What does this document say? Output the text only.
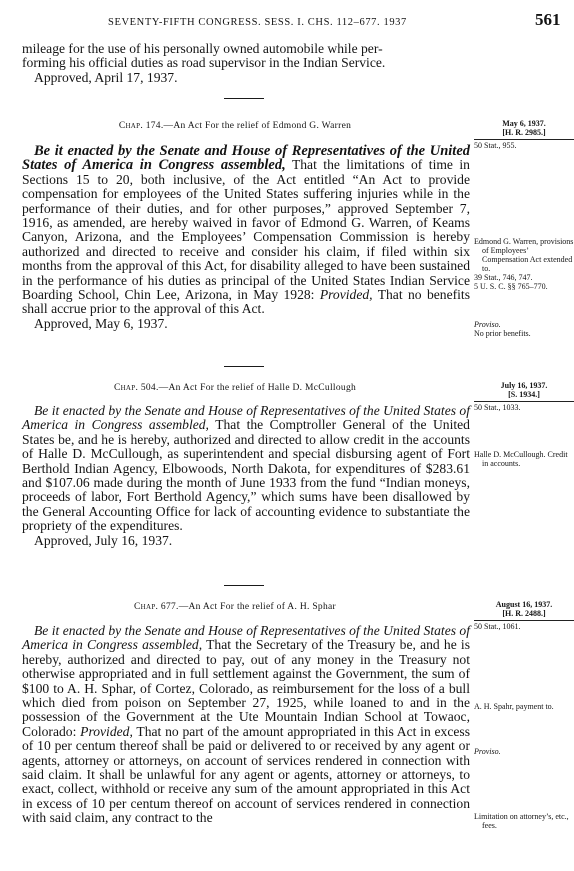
SEVENTY-FIFTH CONGRESS. SESS. I. CHS. 112–677. 1937	561
mileage for the use of his personally owned automobile while per-
forming his official duties as road supervisor in the Indian Service.

Approved, April 17, 1937.

Chap. 174.—An Act For the relief of Edmond G. Warren	May 6, 1937.
[H. R. 2985.]
50 Stat., 955.

Be it enacted by the Senate and House of Representatives of the United States of America in Congress assembled, That the limitations of time in Sections 15 to 20, both inclusive, of the Act entitled “An Act to provide compensation for employees of the United States suffering injuries while in the performance of their duties, and for other purposes,” approved September 7, 1916, as amended, are hereby waived in favor of Edmond G. Warren, of Keams Canyon, Arizona, and the Employees’ Compensation Commission is hereby authorized and directed to receive and consider his claim, if filed within six months from the approval of this Act, for disability alleged to have been sustained in the performance of his duties as principal of the United States Indian Service Boarding School, Chin Lee, Arizona, in May 1928: Provided, That no benefits shall accrue prior to the approval of this Act.

Approved, May 6, 1937.

Edmond G. Warren, provisions of Employees’ Compensation Act extended to.

39 Stat., 746, 747.

5 U. S. C. §§ 765–770.

Proviso.
No prior benefits.
Chap. 504.—An Act For the relief of Halle D. McCullough	July 16, 1937.
[S. 1934.]
50 Stat., 1033.

Be it enacted by the Senate and House of Representatives of the United States of America in Congress assembled, That the Comptroller General of the United States be, and he is hereby, authorized and directed to allow credit in the accounts of Halle D. McCullough, as superintendent and special disbursing agent of Fort Berthold Indian Agency, Elbowoods, North Dakota, for expenditures of $283.61 and $107.06 made during the month of June 1933 from the fund “Indian moneys, proceeds of labor, Fort Berthold Agency,” which sums have been disallowed by the General Accounting Office for lack of accounting evidence to substantiate the propriety of the expenditures.

Approved, July 16, 1937.

Halle D. McCullough. Credit in accounts.

Chap. 677.—An Act For the relief of A. H. Sphar	August 16, 1937.
[H. R. 2488.]
50 Stat., 1061.

Be it enacted by the Senate and House of Representatives of the United States of America in Congress assembled, That the Secretary of the Treasury be, and he is hereby, authorized and directed to pay, out of any money in the Treasury not otherwise appropriated and in full settlement against the Government, the sum of $100 to A. H. Sphar, of Cortez, Colorado, as reimbursement for the loss of a bull which died from poison on September 27, 1925, while loaned to and in the possession of the Government at the Ute Mountain Indian School at Towaoc, Colorado: Provided, That no part of the amount appropriated in this Act in excess of 10 per centum thereof shall be paid or delivered to or received by any agent or agents, attorney or attorneys, on account of services rendered in connection with said claim. It shall be unlawful for any agent or agents, attorney or attorneys, to exact, collect, withhold or receive any sum of the amount appropriated in this Act in excess of 10 per centum thereof on account of services rendered in connection with said claim, any contract to the

A. H. Spahr, payment to.

Proviso.

Limitation on attorney’s, etc., fees.
